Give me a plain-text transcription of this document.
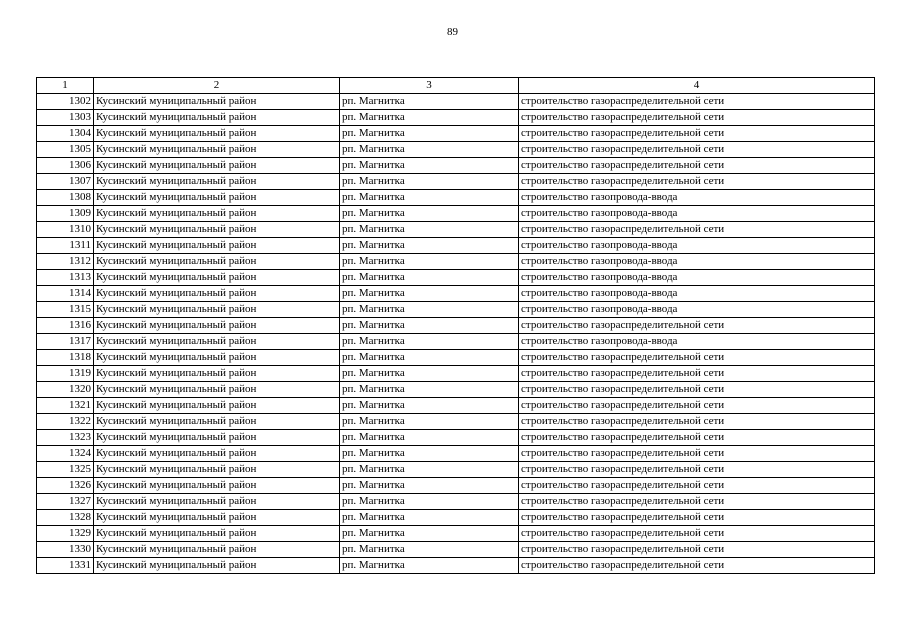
89
1	2	3	4
1302	Кусинский муниципальный район	рп. Магнитка	строительство газораспределительной сети
1303	Кусинский муниципальный район	рп. Магнитка	строительство газораспределительной сети
1304	Кусинский муниципальный район	рп. Магнитка	строительство газораспределительной сети
1305	Кусинский муниципальный район	рп. Магнитка	строительство газораспределительной сети
1306	Кусинский муниципальный район	рп. Магнитка	строительство газораспределительной сети
1307	Кусинский муниципальный район	рп. Магнитка	строительство газораспределительной сети
1308	Кусинский муниципальный район	рп. Магнитка	строительство газопровода-ввода
1309	Кусинский муниципальный район	рп. Магнитка	строительство газопровода-ввода
1310	Кусинский муниципальный район	рп. Магнитка	строительство газораспределительной сети
1311	Кусинский муниципальный район	рп. Магнитка	строительство газопровода-ввода
1312	Кусинский муниципальный район	рп. Магнитка	строительство газопровода-ввода
1313	Кусинский муниципальный район	рп. Магнитка	строительство газопровода-ввода
1314	Кусинский муниципальный район	рп. Магнитка	строительство газопровода-ввода
1315	Кусинский муниципальный район	рп. Магнитка	строительство газопровода-ввода
1316	Кусинский муниципальный район	рп. Магнитка	строительство газораспределительной сети
1317	Кусинский муниципальный район	рп. Магнитка	строительство газопровода-ввода
1318	Кусинский муниципальный район	рп. Магнитка	строительство газораспределительной сети
1319	Кусинский муниципальный район	рп. Магнитка	строительство газораспределительной сети
1320	Кусинский муниципальный район	рп. Магнитка	строительство газораспределительной сети
1321	Кусинский муниципальный район	рп. Магнитка	строительство газораспределительной сети
1322	Кусинский муниципальный район	рп. Магнитка	строительство газораспределительной сети
1323	Кусинский муниципальный район	рп. Магнитка	строительство газораспределительной сети
1324	Кусинский муниципальный район	рп. Магнитка	строительство газораспределительной сети
1325	Кусинский муниципальный район	рп. Магнитка	строительство газораспределительной сети
1326	Кусинский муниципальный район	рп. Магнитка	строительство газораспределительной сети
1327	Кусинский муниципальный район	рп. Магнитка	строительство газораспределительной сети
1328	Кусинский муниципальный район	рп. Магнитка	строительство газораспределительной сети
1329	Кусинский муниципальный район	рп. Магнитка	строительство газораспределительной сети
1330	Кусинский муниципальный район	рп. Магнитка	строительство газораспределительной сети
1331	Кусинский муниципальный район	рп. Магнитка	строительство газораспределительной сети
